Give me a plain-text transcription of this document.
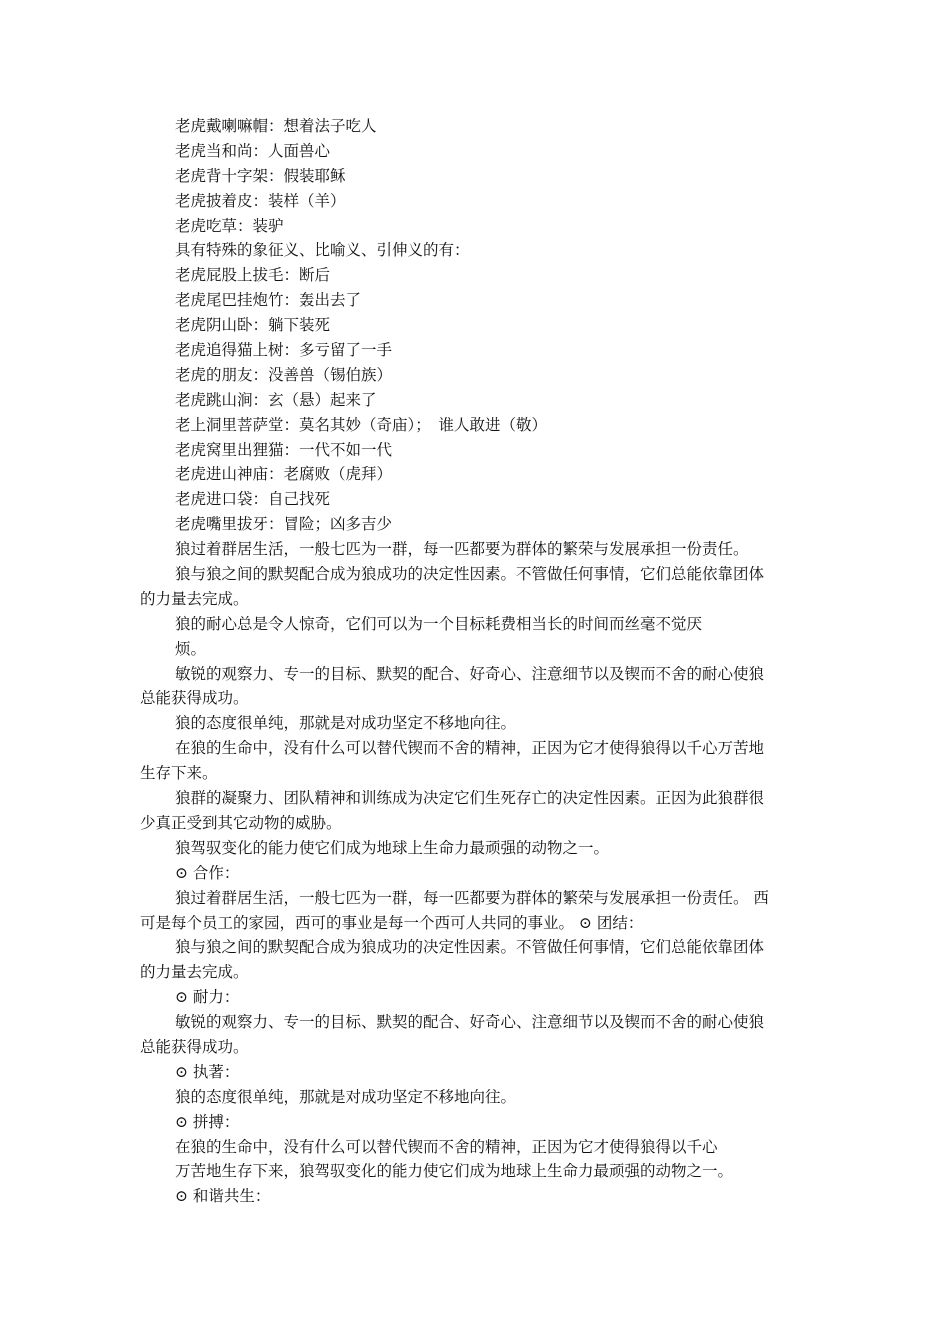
老虎戴喇嘛帽：想着法子吃人
老虎当和尚：人面兽心
老虎背十字架：假装耶稣
老虎披着皮：装样（羊）
老虎吃草：装驴
具有特殊的象征义、比喻义、引伸义的有：
老虎屁股上拔毛：断后
老虎尾巴挂炮竹：轰出去了
老虎阴山卧：躺下装死
老虎追得猫上树：多亏留了一手
老虎的朋友：没善兽（锡伯族）
老虎跳山涧：玄（悬）起来了
老上洞里菩萨堂：莫名其妙（奇庙）；　谁人敢进（敬）
老虎窝里出狸猫：一代不如一代
老虎进山神庙：老腐败（虎拜）
老虎进口袋：自己找死
老虎嘴里拔牙：冒险；凶多吉少
狼过着群居生活，一般七匹为一群，每一匹都要为群体的繁荣与发展承担一份责任。
狼与狼之间的默契配合成为狼成功的决定性因素。不管做任何事情，它们总能依靠团体
的力量去完成。
狼的耐心总是令人惊奇，它们可以为一个目标耗费相当长的时间而丝毫不觉厌
烦。
敏锐的观察力、专一的目标、默契的配合、好奇心、注意细节以及锲而不舍的耐心使狼
总能获得成功。
狼的态度很单纯，那就是对成功坚定不移地向往。
在狼的生命中，没有什么可以替代锲而不舍的精神，正因为它才使得狼得以千心万苦地
生存下来。
狼群的凝聚力、团队精神和训练成为决定它们生死存亡的决定性因素。正因为此狼群很
少真正受到其它动物的威胁。
狼驾驭变化的能力使它们成为地球上生命力最顽强的动物之一。
⊙ 合作：
狼过着群居生活，一般七匹为一群，每一匹都要为群体的繁荣与发展承担一份责任。 西
可是每个员工的家园，西可的事业是每一个西可人共同的事业。 ⊙ 团结：
狼与狼之间的默契配合成为狼成功的决定性因素。不管做任何事情，它们总能依靠团体
的力量去完成。
⊙ 耐力：
敏锐的观察力、专一的目标、默契的配合、好奇心、注意细节以及锲而不舍的耐心使狼
总能获得成功。
⊙ 执著：
狼的态度很单纯，那就是对成功坚定不移地向往。
⊙ 拼搏：
在狼的生命中，没有什么可以替代锲而不舍的精神，正因为它才使得狼得以千心
万苦地生存下来，狼驾驭变化的能力使它们成为地球上生命力最顽强的动物之一。
⊙ 和谐共生：
